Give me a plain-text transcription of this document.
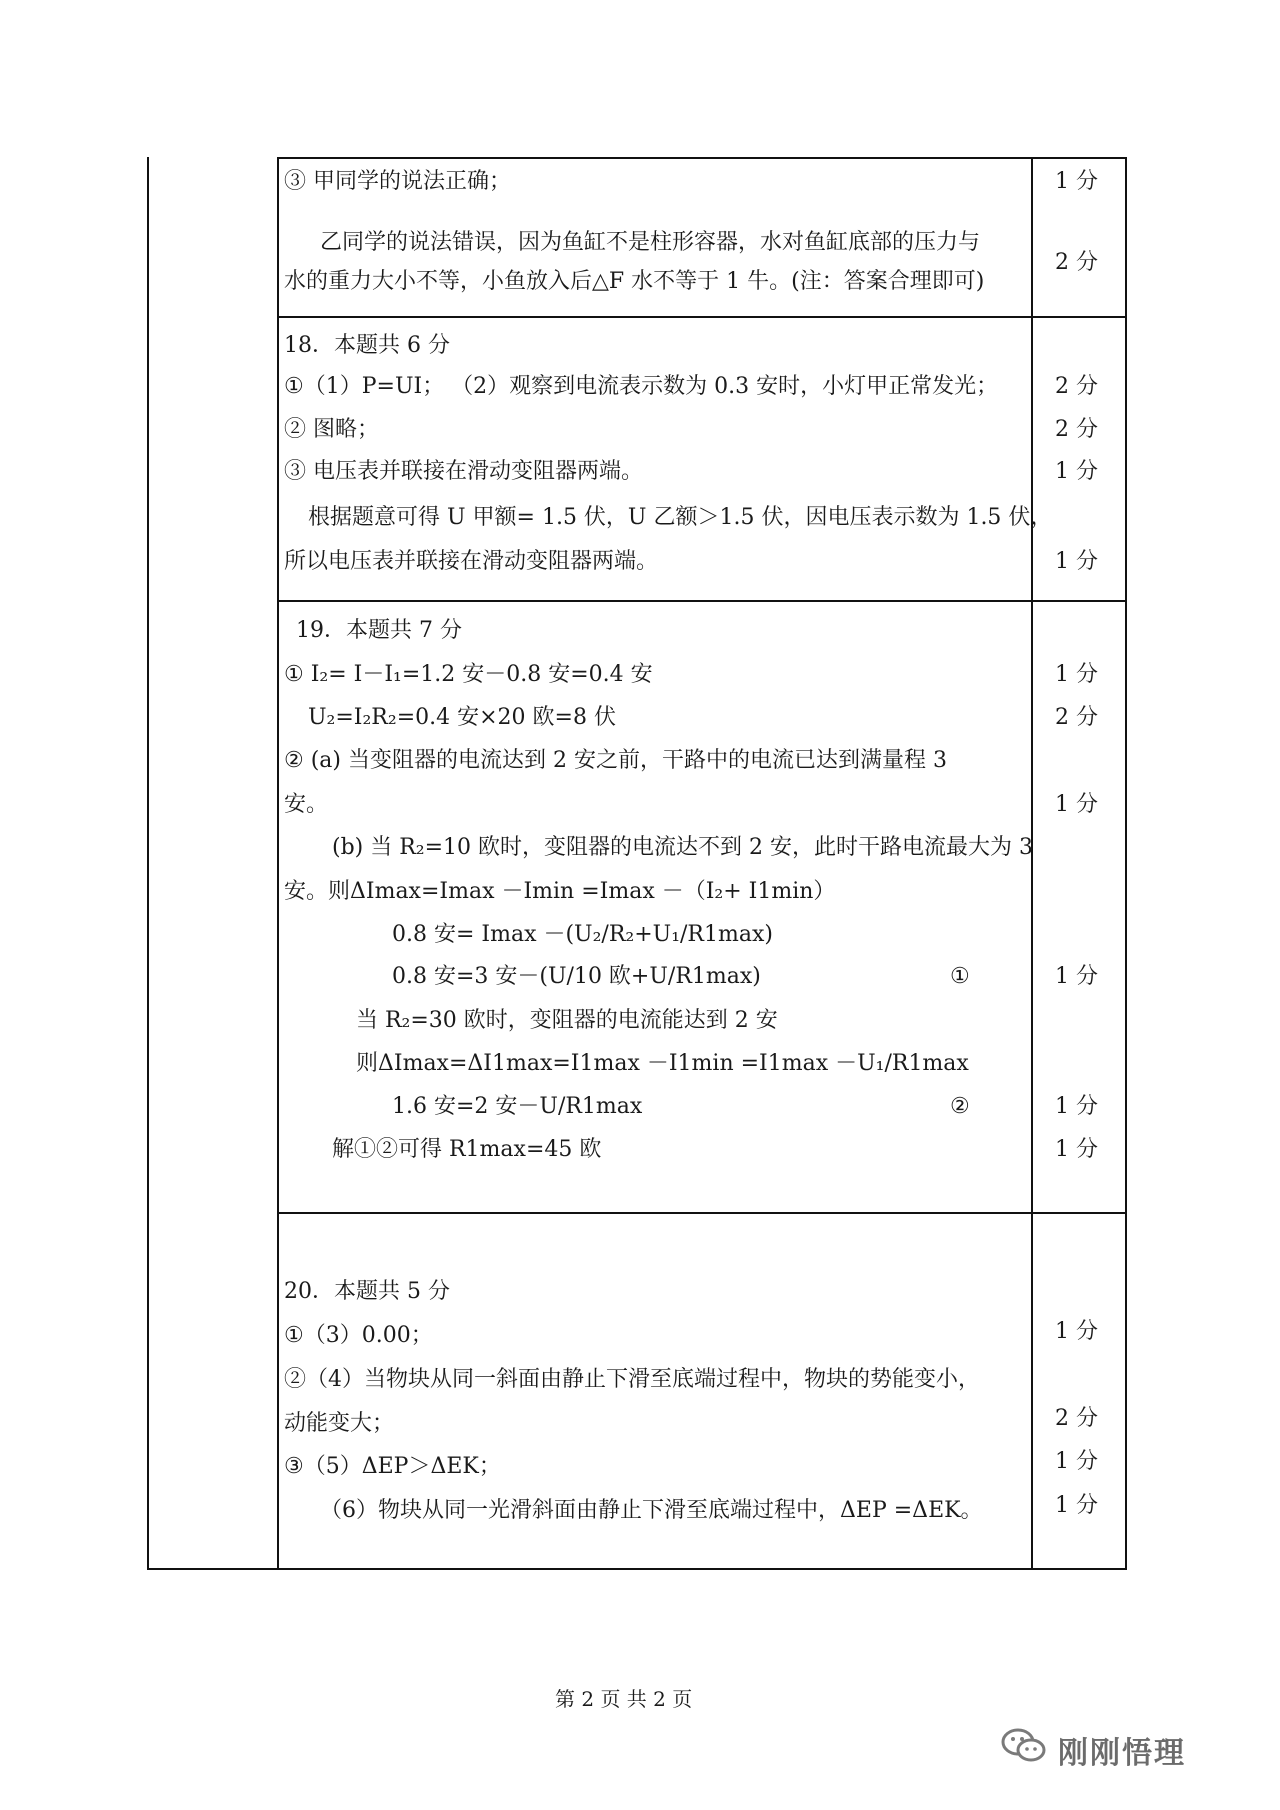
③ 甲同学的说法正确；
乙同学的说法错误，因为鱼缸不是柱形容器，水对鱼缸底部的压力与
水的重力大小不等，小鱼放入后△F 水不等于 1 牛。(注：答案合理即可)
1 分
2 分
18．本题共 6 分
①（1）P=UI； （2）观察到电流表示数为 0.3 安时，小灯甲正常发光；
② 图略；
③ 电压表并联接在滑动变阻器两端。
根据题意可得 U 甲额= 1.5 伏，U 乙额＞1.5 伏，因电压表示数为 1.5 伏，
所以电压表并联接在滑动变阻器两端。
2 分
2 分
1 分
1 分
19．本题共 7 分
① I₂= I－I₁=1.2 安－0.8 安=0.4 安
U₂=I₂R₂=0.4 安×20 欧=8 伏
② (a) 当变阻器的电流达到 2 安之前，干路中的电流已达到满量程 3
安。
(b) 当 R₂=10 欧时，变阻器的电流达不到 2 安，此时干路电流最大为 3
安。则ΔImax=Imax －Imin =Imax －（I₂+ I1min）
0.8 安= Imax －(U₂/R₂+U₁/R1max)
0.8 安=3 安－(U/10 欧+U/R1max)	①
当 R₂=30 欧时，变阻器的电流能达到 2 安
则ΔImax=ΔI1max=I1max －I1min =I1max －U₁/R1max
1.6 安=2 安－U/R1max	②
解①②可得 R1max=45 欧
1 分
2 分
1 分
1 分
1 分
1 分
20．本题共 5 分
①（3）0.00；
②（4）当物块从同一斜面由静止下滑至底端过程中，物块的势能变小，
动能变大；
③（5）ΔEP＞ΔEK；
（6）物块从同一光滑斜面由静止下滑至底端过程中，ΔEP =ΔEK。
1 分
2 分
1 分
1 分
第 2 页 共 2 页
刚刚悟理
